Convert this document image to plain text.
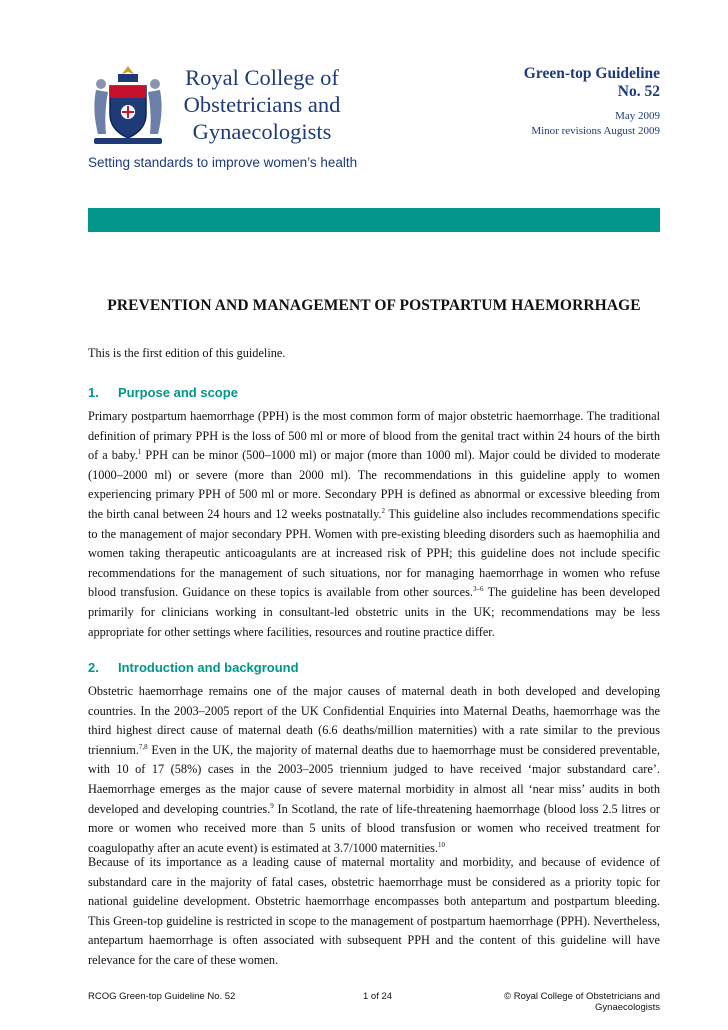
Royal College of
Obstetricians and
Gynaecologists
Setting standards to improve women’s health
Green-top Guideline
No. 52
May 2009
Minor revisions August 2009
PREVENTION AND MANAGEMENT OF POSTPARTUM HAEMORRHAGE
This is the first edition of this guideline.
1. Purpose and scope
Primary postpartum haemorrhage (PPH) is the most common form of major obstetric haemorrhage. The traditional definition of primary PPH is the loss of 500 ml or more of blood from the genital tract within 24 hours of the birth of a baby.$^1$ PPH can be minor (500–1000 ml) or major (more than 1000 ml). Major could be divided to moderate (1000–2000 ml) or severe (more than 2000 ml). The recommendations in this guideline apply to women experiencing primary PPH of 500 ml or more. Secondary PPH is defined as abnormal or excessive bleeding from the birth canal between 24 hours and 12 weeks postnatally.$^2$ This guideline also includes recommendations specific to the management of major secondary PPH. Women with pre-existing bleeding disorders such as haemophilia and women taking therapeutic anticoagulants are at increased risk of PPH; this guideline does not include specific recommendations for the management of such situations, nor for managing haemorrhage in women who refuse blood transfusion. Guidance on these topics is available from other sources.$^{3-6}$ The guideline has been developed primarily for clinicians working in consultant-led obstetric units in the UK; recommendations may be less appropriate for other settings where facilities, resources and routine practice differ.
2. Introduction and background
Obstetric haemorrhage remains one of the major causes of maternal death in both developed and developing countries. In the 2003–2005 report of the UK Confidential Enquiries into Maternal Deaths, haemorrhage was the third highest direct cause of maternal death (6.6 deaths/million maternities) with a rate similar to the previous triennium.$^{7,8}$ Even in the UK, the majority of maternal deaths due to haemorrhage must be considered preventable, with 10 of 17 (58%) cases in the 2003–2005 triennium judged to have received ‘major substandard care’. Haemorrhage emerges as the major cause of severe maternal morbidity in almost all ‘near miss’ audits in both developed and developing countries.$^9$ In Scotland, the rate of life-threatening haemorrhage (blood loss 2.5 litres or more or women who received more than 5 units of blood transfusion or women who received treatment for coagulopathy after an acute event) is estimated at 3.7/1000 maternities.$^{10}$
Because of its importance as a leading cause of maternal mortality and morbidity, and because of evidence of substandard care in the majority of fatal cases, obstetric haemorrhage must be considered as a priority topic for national guideline development. Obstetric haemorrhage encompasses both antepartum and postpartum bleeding. This Green-top guideline is restricted in scope to the management of postpartum haemorrhage (PPH). Nevertheless, antepartum haemorrhage is often associated with subsequent PPH and the content of this guideline will have relevance for the care of these women.
RCOG Green-top Guideline No. 52	1 of 24	© Royal College of Obstetricians and Gynaecologists
